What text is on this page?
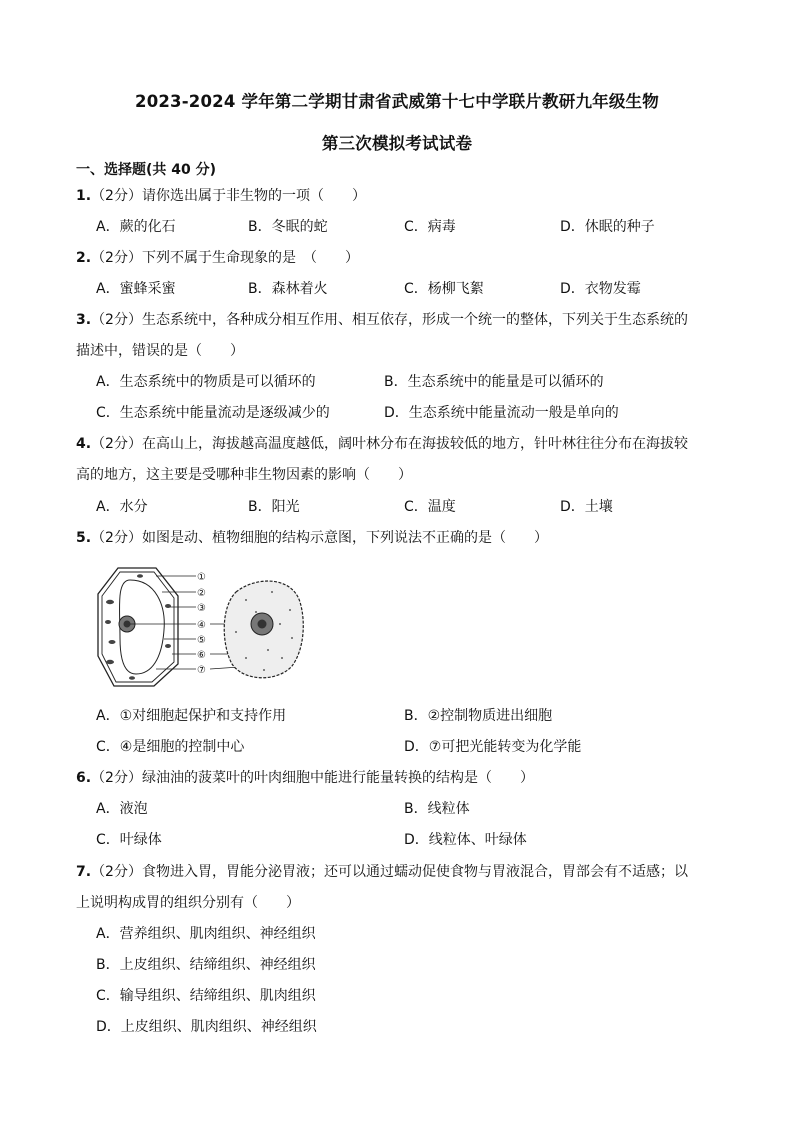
2023-2024 学年第二学期甘肃省武威第十七中学联片教研九年级生物
第三次模拟考试试卷
一、选择题(共 40 分)
1.（2分）请你选出属于非生物的一项（　　）
A．蕨的化石	B．冬眠的蛇	C．病毒	D．休眠的种子
2.（2分）下列不属于生命现象的是　（　　）
A．蜜蜂采蜜	B．森林着火	C．杨柳飞絮	D．衣物发霉
3.（2分）生态系统中，各种成分相互作用、相互依存，形成一个统一的整体，下列关于生态系统的
描述中，错误的是（　　）
A．生态系统中的物质是可以循环的	B．生态系统中的能量是可以循环的
C．生态系统中能量流动是逐级减少的	D．生态系统中能量流动一般是单向的
4.（2分）在高山上，海拔越高温度越低，阔叶林分布在海拔较低的地方，针叶林往往分布在海拔较
高的地方，这主要是受哪种非生物因素的影响（　　）
A．水分	B．阳光	C．温度	D．土壤
5.（2分）如图是动、植物细胞的结构示意图，下列说法不正确的是（　　）
①
②
③
④
⑤
⑥
⑦
A．①对细胞起保护和支持作用	B．②控制物质进出细胞
C．④是细胞的控制中心	D．⑦可把光能转变为化学能
6.（2分）绿油油的菠菜叶的叶肉细胞中能进行能量转换的结构是（　　）
A．液泡	B．线粒体
C．叶绿体	D．线粒体、叶绿体
7.（2分）食物进入胃，胃能分泌胃液；还可以通过蠕动促使食物与胃液混合，胃部会有不适感；以
上说明构成胃的组织分别有（　　）
A．营养组织、肌肉组织、神经组织
B．上皮组织、结缔组织、神经组织
C．输导组织、结缔组织、肌肉组织
D．上皮组织、肌肉组织、神经组织
